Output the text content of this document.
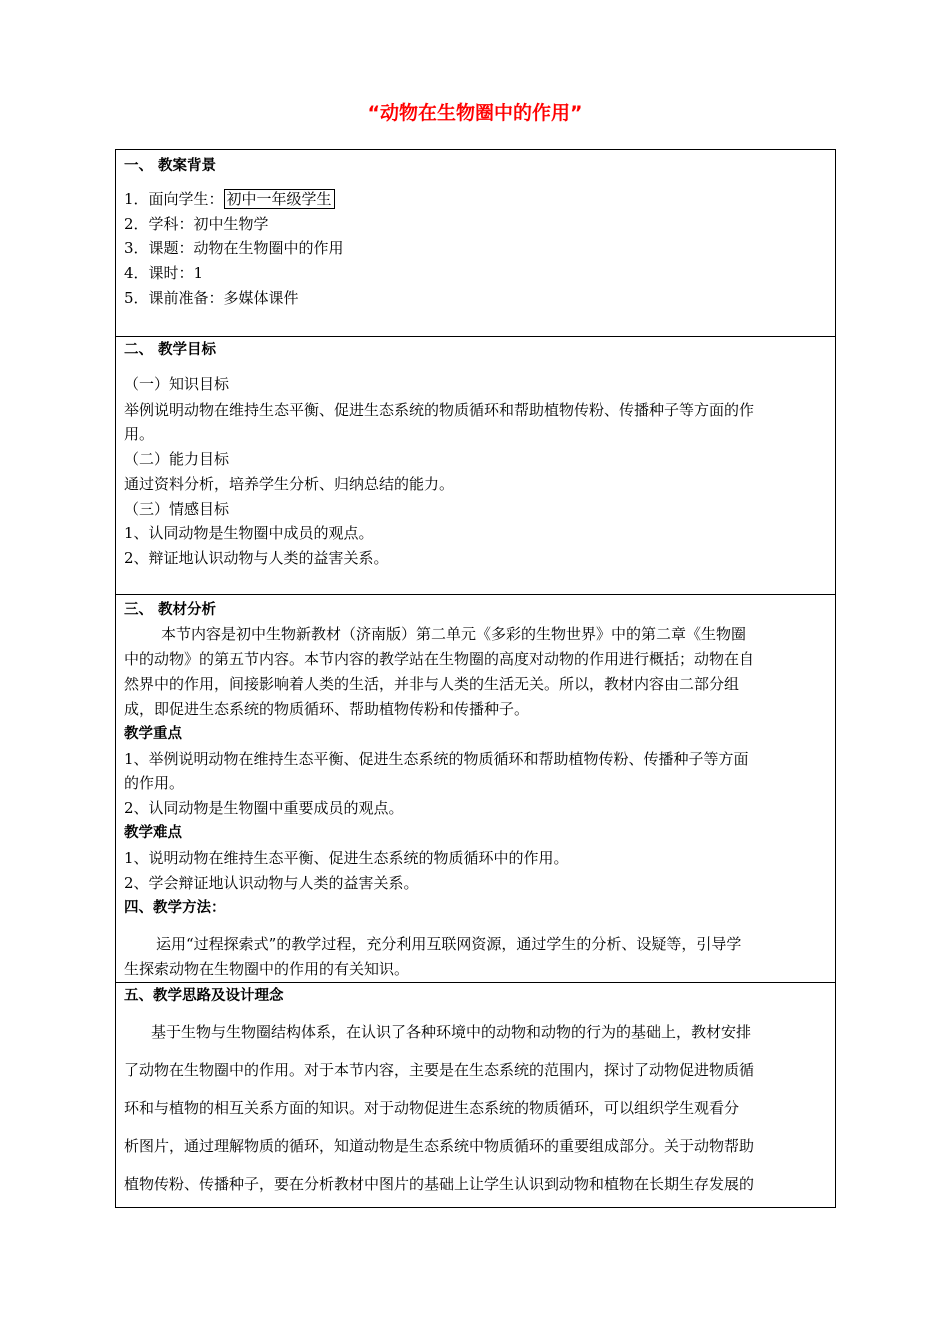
“动物在生物圈中的作用”
一、 教案背景
1．面向学生： 初中一年级学生
2．学科：初中生物学
3．课题：动物在生物圈中的作用
4．课时：1
5．课前准备：多媒体课件
二、 教学目标
（一）知识目标
举例说明动物在维持生态平衡、促进生态系统的物质循环和帮助植物传粉、传播种子等方面的作
用。
（二）能力目标
通过资料分析，培养学生分析、归纳总结的能力。
（三）情感目标
1、认同动物是生物圈中成员的观点。
2、辩证地认识动物与人类的益害关系。
三、 教材分析
本节内容是初中生物新教材（济南版）第二单元《多彩的生物世界》中的第二章《生物圈
中的动物》的第五节内容。本节内容的教学站在生物圈的高度对动物的作用进行概括；动物在自
然界中的作用，间接影响着人类的生活，并非与人类的生活无关。所以，教材内容由二部分组
成，即促进生态系统的物质循环、帮助植物传粉和传播种子。
教学重点
1、举例说明动物在维持生态平衡、促进生态系统的物质循环和帮助植物传粉、传播种子等方面
的作用。
2、认同动物是生物圈中重要成员的观点。
教学难点
1、说明动物在维持生态平衡、促进生态系统的物质循环中的作用。
2、学会辩证地认识动物与人类的益害关系。
四、教学方法：
运用“过程探索式”的教学过程，充分利用互联网资源，通过学生的分析、设疑等，引导学
生探索动物在生物圈中的作用的有关知识。
五、教学思路及设计理念
基于生物与生物圈结构体系，在认识了各种环境中的动物和动物的行为的基础上，教材安排
了动物在生物圈中的作用。对于本节内容，主要是在生态系统的范围内，探讨了动物促进物质循
环和与植物的相互关系方面的知识。对于动物促进生态系统的物质循环，可以组织学生观看分
析图片，通过理解物质的循环，知道动物是生态系统中物质循环的重要组成部分。关于动物帮助
植物传粉、传播种子，要在分析教材中图片的基础上让学生认识到动物和植物在长期生存发展的
